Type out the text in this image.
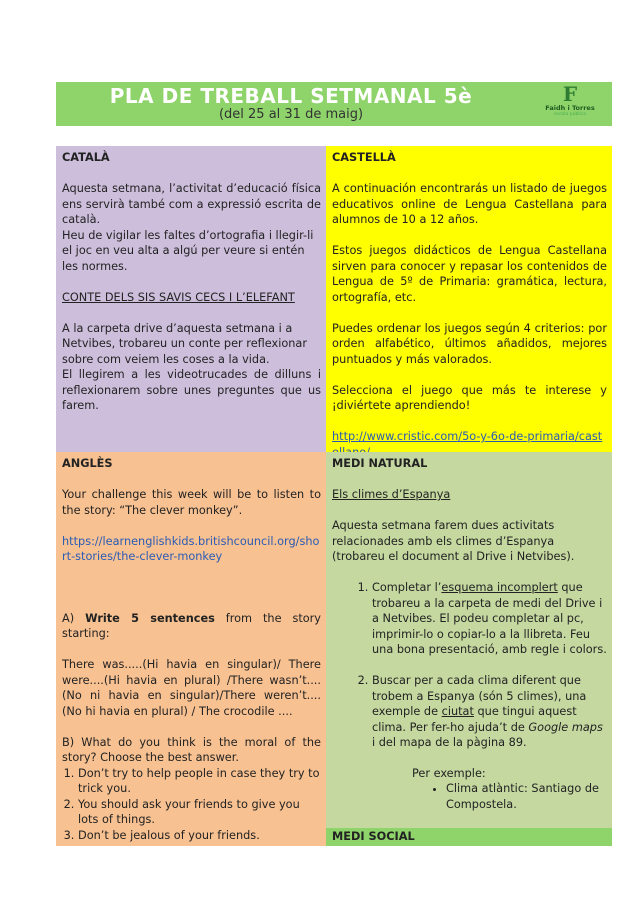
PLA DE TREBALL SETMANAL 5è
(del 25 al 31 de maig)
F
Faidh i Torres
escola pública
CATALÀ
Aquesta setmana, l’activitat d’educació física ens servirà també com a expressió escrita de català.

Heu de vigilar les faltes d’ortografia i llegir-li el joc en veu alta a algú per veure si entén les normes.

CONTE DELS SIS SAVIS CECS I L’ELEFANT

A la carpeta drive d’aquesta setmana i a Netvibes, trobareu un conte per reflexionar sobre com veiem les coses a la vida.
El llegirem a les videotrucades de dilluns i reflexionarem sobre unes preguntes que us farem.
CASTELLÀ

A continuación encontrarás un listado de juegos educativos online de Lengua Castellana para alumnos de 10 a 12 años.

Estos juegos didácticos de Lengua Castellana sirven para conocer y repasar los contenidos de Lengua de 5º de Primaria: gramática, lectura, ortografía, etc.

Puedes ordenar los juegos según 4 criterios: por orden alfabético, últimos añadidos, mejores puntuados y más valorados.

Selecciona el juego que más te interese y ¡diviértete aprendiendo!

http://www.cristic.com/5o-y-6o-de-primaria/cast
ANGLÈS

Your challenge this week will be to listen to the story: “The clever monkey”.

https://learnenglishkids.britishcouncil.org/short-stories/the-clever-monkey

A) Write 5 sentences from the story starting:

There was.....(Hi havia en singular)/ There were....(Hi havia en plural) /There wasn’t....(No ni havia en singular)/There weren’t.... (No hi havia en plural) / The crocodile ....

B) What do you think is the moral of the story? Choose the best answer.
1. Don’t try to help people in case they try to trick you.
2. You should ask your friends to give you lots of things.
3. Don’t be jealous of your friends.
MEDI NATURAL

Els climes d’Espanya

Aquesta setmana farem dues activitats relacionades amb els climes d’Espanya (trobareu el document al Drive i Netvibes).

1. Completar l’esquema incomplert que trobareu a la carpeta de medi del Drive i a Netvibes. El podeu completar al pc, imprimir-lo o copiar-lo a la llibreta. Feu una bona presentació, amb regle i colors.
2. Buscar per a cada clima diferent que trobem a Espanya (són 5 climes), una exemple de ciutat que tingui aquest clima. Per fer-ho ajuda’t de Google maps i del mapa de la pàgina 89.
Per exemple:
• Clima atlàntic: Santiago de Compostela.
MEDI SOCIAL
